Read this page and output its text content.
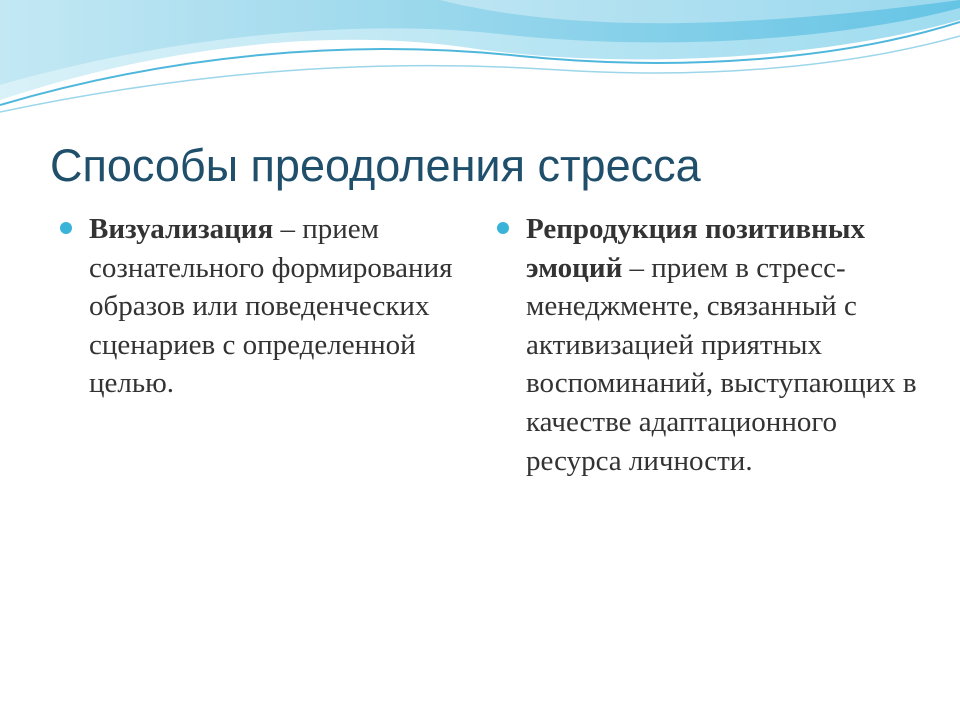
Способы преодоления стресса
Визуализация – прием сознательного формирования образов или поведенческих сценариев с определенной целью.
Репродукция позитивных эмоций – прием в стресс-менеджменте, связанный с активизацией приятных воспоминаний, выступающих в качестве адаптационного ресурса личности.
